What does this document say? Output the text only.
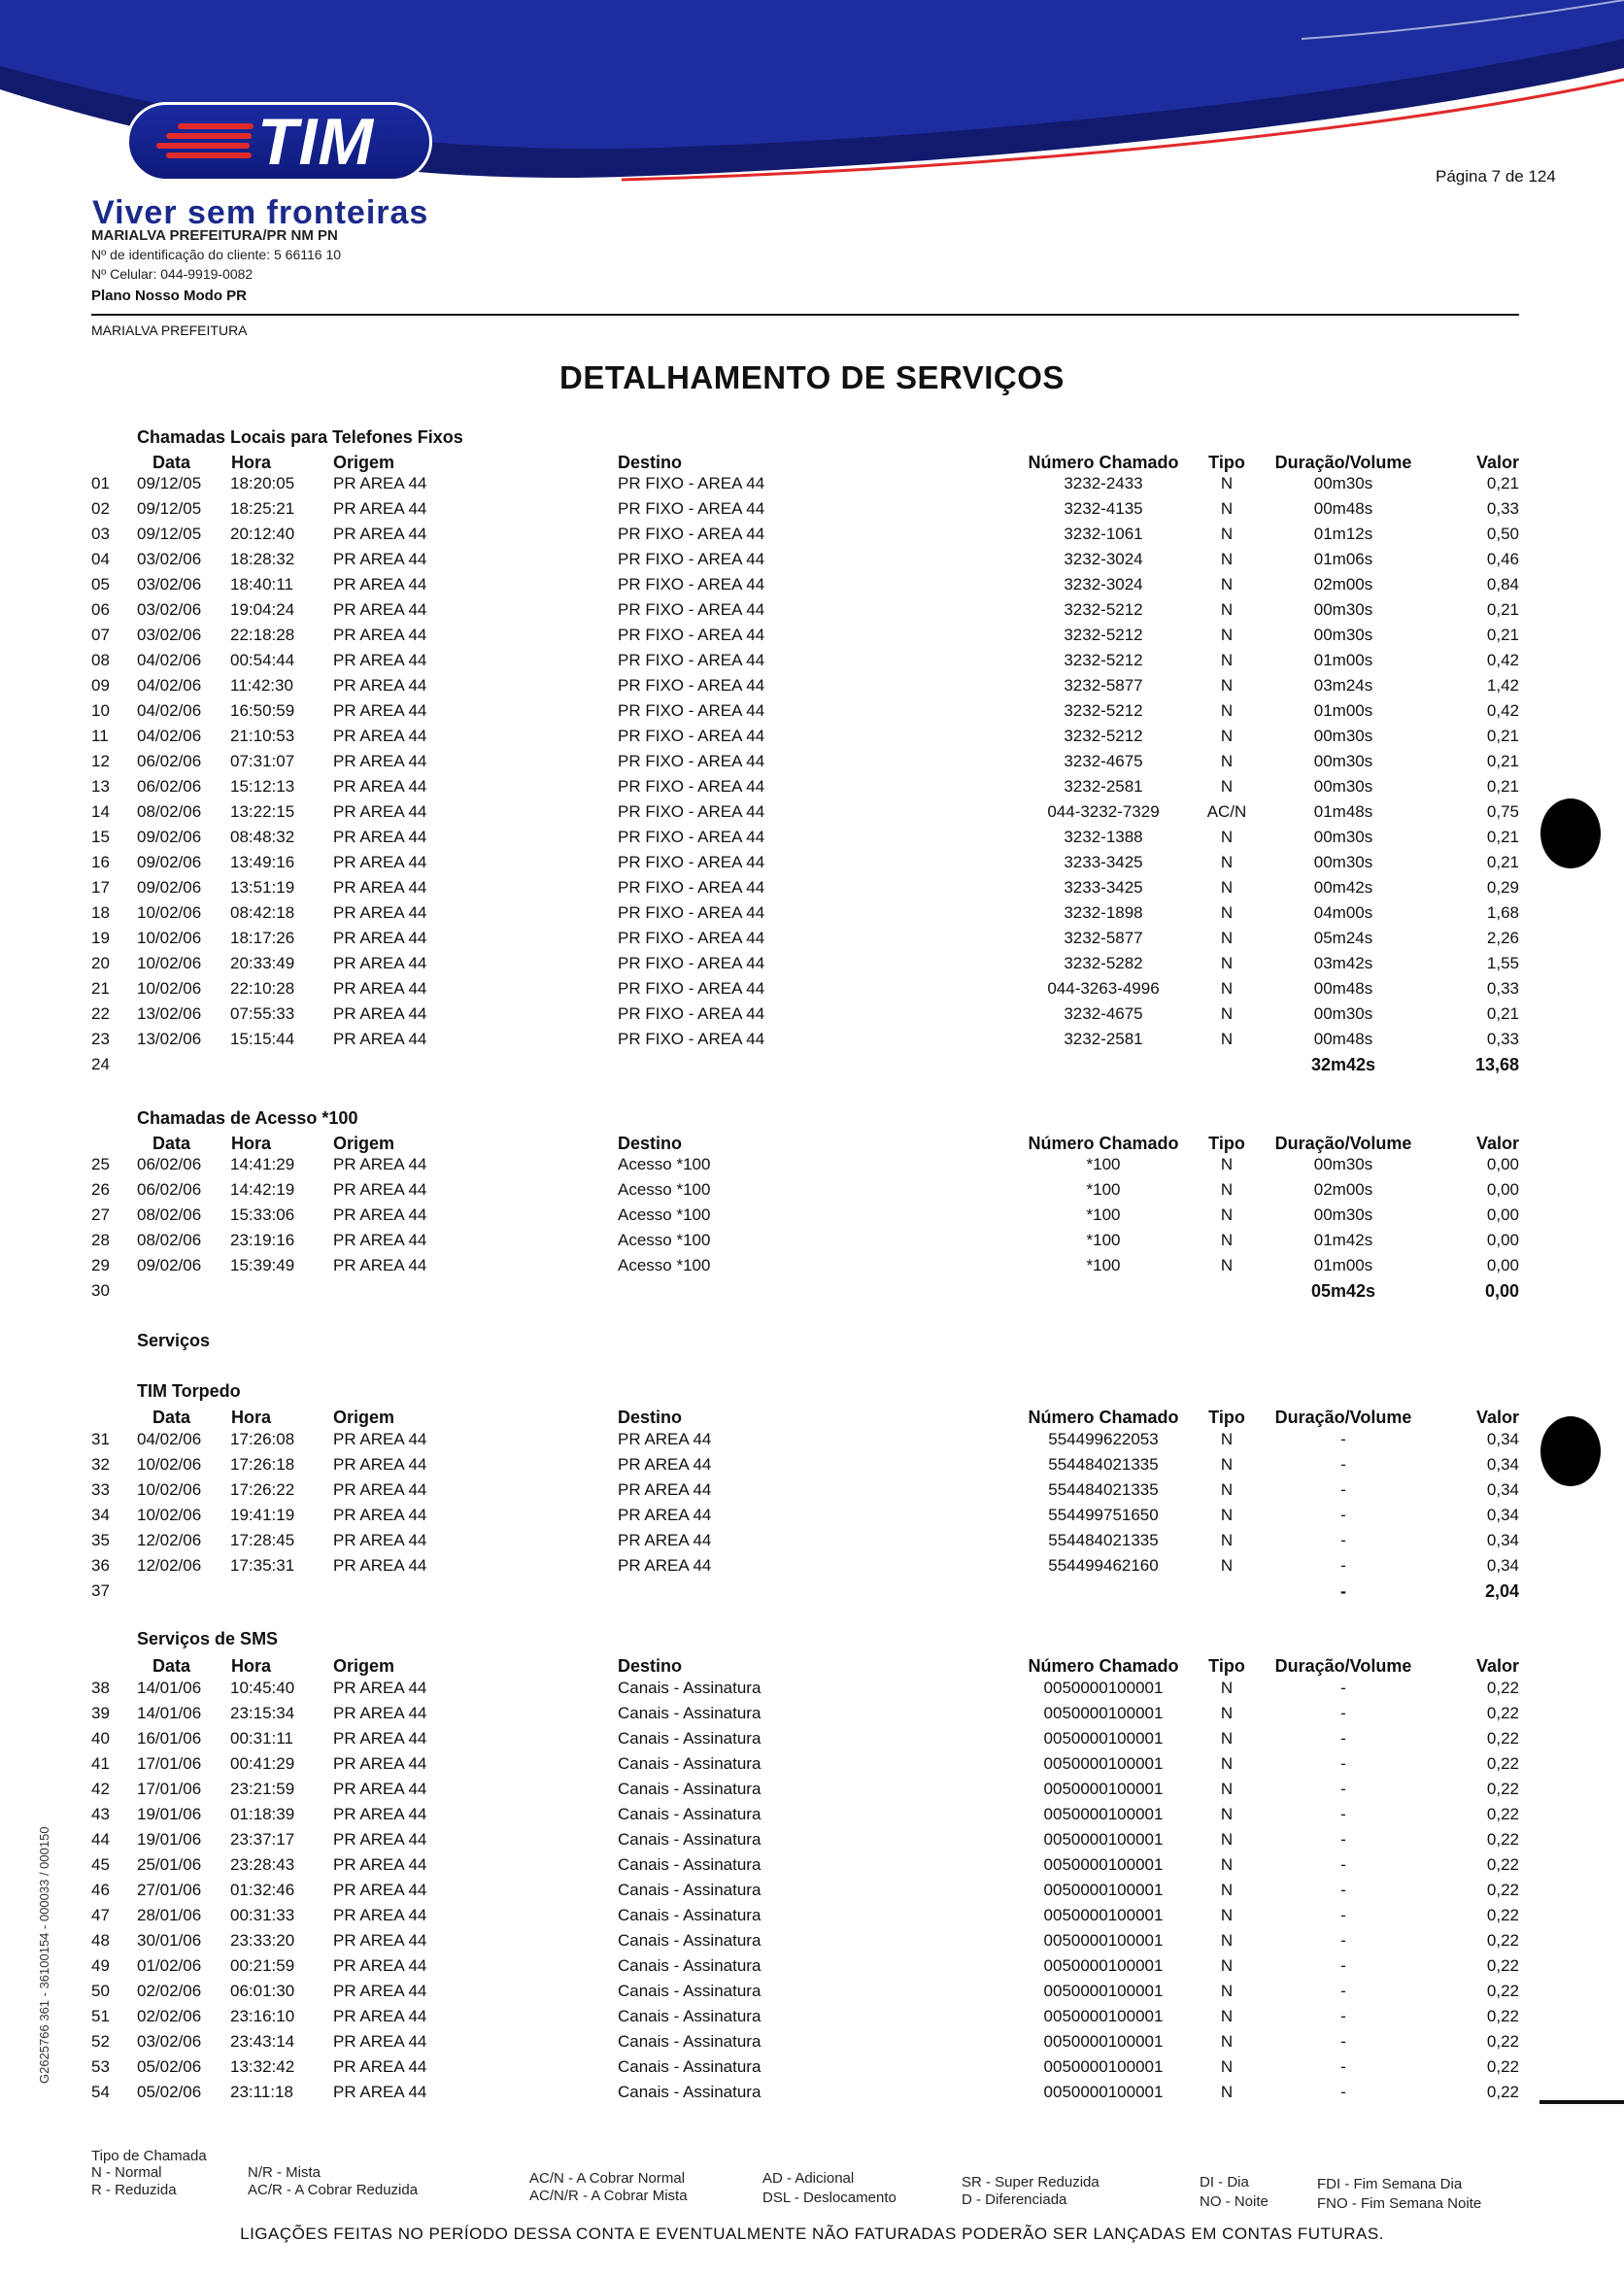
TIM	Página 7 de 124
Viver sem fronteiras
MARIALVA PREFEITURA/PR NM PN
Nº de identificação do cliente: 5 66116 10
Nº Celular: 044-9919-0082
Plano Nosso Modo PR
MARIALVA PREFEITURA
DETALHAMENTO DE SERVIÇOS
Chamadas Locais para Telefones Fixos
Data Hora	Origem	Destino	Número Chamado	Tipo	Duração/Volume	Valor
01 09/12/05 18:20:05 PR AREA 44	PR FIXO - AREA 44	3232-2433	N	00m30s	0,21
02 09/12/05 18:25:21 PR AREA 44	PR FIXO - AREA 44	3232-4135	N	00m48s	0,33
03 09/12/05 20:12:40 PR AREA 44	PR FIXO - AREA 44	3232-1061	N	01m12s	0,50
04 03/02/06 18:28:32 PR AREA 44	PR FIXO - AREA 44	3232-3024	N	01m06s	0,46
05 03/02/06 18:40:11 PR AREA 44	PR FIXO - AREA 44	3232-3024	N	02m00s	0,84
06 03/02/06 19:04:24 PR AREA 44	PR FIXO - AREA 44	3232-5212	N	00m30s	0,21
07 03/02/06 22:18:28 PR AREA 44	PR FIXO - AREA 44	3232-5212	N	00m30s	0,21
08 04/02/06 00:54:44 PR AREA 44	PR FIXO - AREA 44	3232-5212	N	01m00s	0,42
09 04/02/06 11:42:30 PR AREA 44	PR FIXO - AREA 44	3232-5877	N	03m24s	1,42
10 04/02/06 16:50:59 PR AREA 44	PR FIXO - AREA 44	3232-5212	N	01m00s	0,42
11 04/02/06 21:10:53 PR AREA 44	PR FIXO - AREA 44	3232-5212	N	00m30s	0,21
12 06/02/06 07:31:07 PR AREA 44	PR FIXO - AREA 44	3232-4675	N	00m30s	0,21
13 06/02/06 15:12:13 PR AREA 44	PR FIXO - AREA 44	3232-2581	N	00m30s	0,21
14 08/02/06 13:22:15 PR AREA 44	PR FIXO - AREA 44	044-3232-7329	AC/N	01m48s	0,75
15 09/02/06 08:48:32 PR AREA 44	PR FIXO - AREA 44	3232-1388	N	00m30s	0,21
16 09/02/06 13:49:16 PR AREA 44	PR FIXO - AREA 44	3233-3425	N	00m30s	0,21
17 09/02/06 13:51:19 PR AREA 44	PR FIXO - AREA 44	3233-3425	N	00m42s	0,29
18 10/02/06 08:42:18 PR AREA 44	PR FIXO - AREA 44	3232-1898	N	04m00s	1,68
19 10/02/06 18:17:26 PR AREA 44	PR FIXO - AREA 44	3232-5877	N	05m24s	2,26
20 10/02/06 20:33:49 PR AREA 44	PR FIXO - AREA 44	3232-5282	N	03m42s	1,55
21 10/02/06 22:10:28 PR AREA 44	PR FIXO - AREA 44	044-3263-4996	N	00m48s	0,33
22 13/02/06 07:55:33 PR AREA 44	PR FIXO - AREA 44	3232-4675	N	00m30s	0,21
23 13/02/06 15:15:44 PR AREA 44	PR FIXO - AREA 44	3232-2581	N	00m48s	0,33
24	32m42s	13,68
Chamadas de Acesso *100
Data Hora	Origem	Destino	Número Chamado	Tipo	Duração/Volume	Valor
25 06/02/06 14:41:29 PR AREA 44	Acesso *100	*100	N	00m30s	0,00
26 06/02/06 14:42:19 PR AREA 44	Acesso *100	*100	N	02m00s	0,00
27 08/02/06 15:33:06 PR AREA 44	Acesso *100	*100	N	00m30s	0,00
28 08/02/06 23:19:16 PR AREA 44	Acesso *100	*100	N	01m42s	0,00
29 09/02/06 15:39:49 PR AREA 44	Acesso *100	*100	N	01m00s	0,00
30	05m42s	0,00
Serviços
TIM Torpedo
Data Hora	Origem	Destino	Número Chamado	Tipo	Duração/Volume	Valor
31 04/02/06 17:26:08 PR AREA 44	PR AREA 44	554499622053	N	-	0,34
32 10/02/06 17:26:18 PR AREA 44	PR AREA 44	554484021335	N	-	0,34
33 10/02/06 17:26:22 PR AREA 44	PR AREA 44	554484021335	N	-	0,34
34 10/02/06 19:41:19 PR AREA 44	PR AREA 44	554499751650	N	-	0,34
35 12/02/06 17:28:45 PR AREA 44	PR AREA 44	554484021335	N	-	0,34
36 12/02/06 17:35:31 PR AREA 44	PR AREA 44	554499462160	N	-	0,34
37	-	2,04
Serviços de SMS
Data Hora	Origem	Destino	Número Chamado	Tipo	Duração/Volume	Valor
38 14/01/06 10:45:40 PR AREA 44	Canais - Assinatura	0050000100001	N	-	0,22
39 14/01/06 23:15:34 PR AREA 44	Canais - Assinatura	0050000100001	N	-	0,22
40 16/01/06 00:31:11 PR AREA 44	Canais - Assinatura	0050000100001	N	-	0,22
41 17/01/06 00:41:29 PR AREA 44	Canais - Assinatura	0050000100001	N	-	0,22
42 17/01/06 23:21:59 PR AREA 44	Canais - Assinatura	0050000100001	N	-	0,22
43 19/01/06 01:18:39 PR AREA 44	Canais - Assinatura	0050000100001	N	-	0,22
44 19/01/06 23:37:17 PR AREA 44	Canais - Assinatura	0050000100001	N	-	0,22
45 25/01/06 23:28:43 PR AREA 44	Canais - Assinatura	0050000100001	N	-	0,22
46 27/01/06 01:32:46 PR AREA 44	Canais - Assinatura	0050000100001	N	-	0,22
47 28/01/06 00:31:33 PR AREA 44	Canais - Assinatura	0050000100001	N	-	0,22
48 30/01/06 23:33:20 PR AREA 44	Canais - Assinatura	0050000100001	N	-	0,22
49 01/02/06 00:21:59 PR AREA 44	Canais - Assinatura	0050000100001	N	-	0,22
50 02/02/06 06:01:30 PR AREA 44	Canais - Assinatura	0050000100001	N	-	0,22
51 02/02/06 23:16:10 PR AREA 44	Canais - Assinatura	0050000100001	N	-	0,22
52 03/02/06 23:43:14 PR AREA 44	Canais - Assinatura	0050000100001	N	-	0,22
53 05/02/06 13:32:42 PR AREA 44	Canais - Assinatura	0050000100001	N	-	0,22
54 05/02/06 23:11:18 PR AREA 44	Canais - Assinatura	0050000100001	N	-	0,22
Tipo de Chamada
N - Normal
R - Reduzida
N/R - Mista
AC/R - A Cobrar Reduzida
AC/N - A Cobrar Normal
AC/N/R - A Cobrar Mista
AD - Adicional
DSL - Deslocamento
SR - Super Reduzida
D - Diferenciada
DI - Dia
NO - Noite
FDI - Fim Semana Dia
FNO - Fim Semana Noite
LIGAÇÕES FEITAS NO PERÍODO DESSA CONTA E EVENTUALMENTE NÃO FATURADAS PODERÃO SER LANÇADAS EM CONTAS FUTURAS.
G2625766 361 - 36100154 - 000033 / 000150
